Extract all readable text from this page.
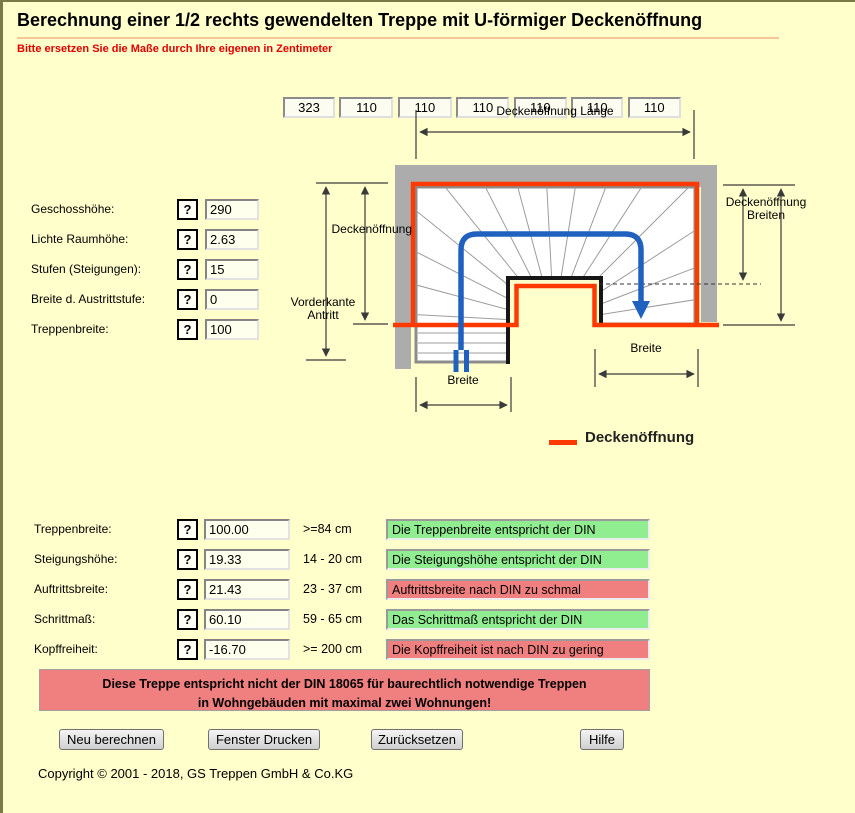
Berechnung einer 1/2 rechts gewendelten Treppe mit U-förmiger Deckenöffnung
Bitte ersetzen Sie die Maße durch Ihre eigenen in Zentimeter
Geschosshöhe:	?
290
Lichte Raumhöhe:	?
2.63
Stufen (Steigungen):	?
15
Breite d. Austrittstufe:	?
0
Treppenbreite:	?
100
Deckenöffnung Länge
323
Deckenöffnung
110
Vorderkante
Antritt
110
Deckenöffnung
Breiten
110 110
Breite
110
Breite
110
Deckenöffnung
Treppenbreite:	?
100.00	>=84 cm	Die Treppenbreite entspricht der DIN
Steigungshöhe:	?
19.33	14 - 20 cm	Die Steigungshöhe entspricht der DIN
Auftrittsbreite:	?
21.43	23 - 37 cm	Auftrittsbreite nach DIN zu schmal
Schrittmaß:	?
60.10	59 - 65 cm	Das Schrittmaß entspricht der DIN
Kopffreiheit:	?
-16.70	>= 200 cm	Die Kopffreiheit ist nach DIN zu gering
Diese Treppe entspricht nicht der DIN 18065 für baurechtlich notwendige Treppen
in Wohngebäuden mit maximal zwei Wohnungen!
Neu berechnen	Fenster Drucken	Zurücksetzen	Hilfe
Copyright © 2001 - 2018, GS Treppen GmbH & Co.KG
